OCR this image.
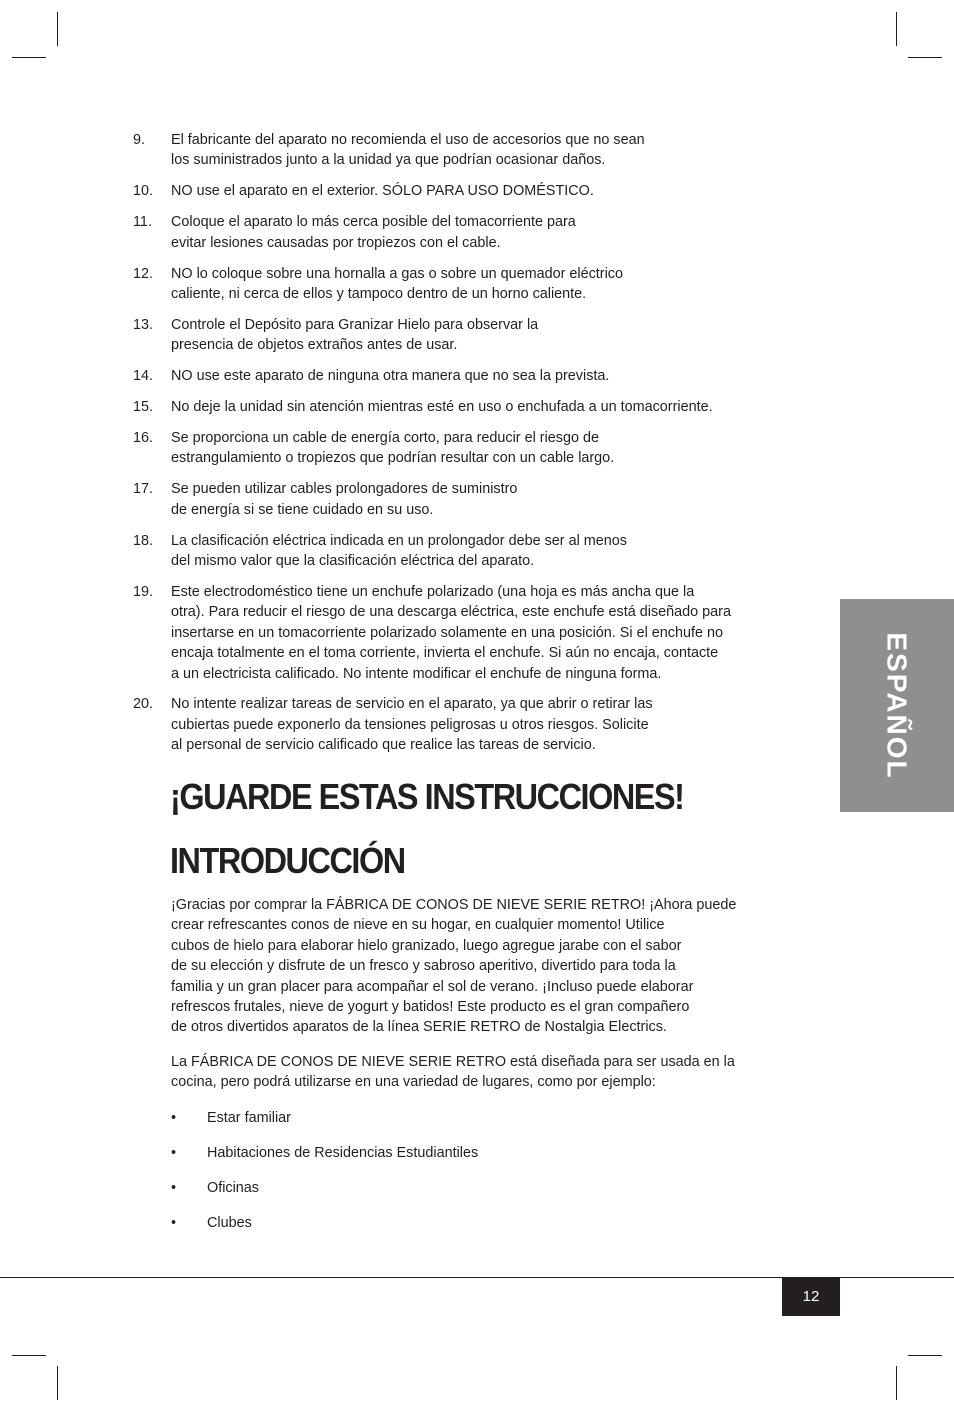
9.	El fabricante del aparato no recomienda el uso de accesorios que no sean
los suministrados junto a la unidad ya que podrían ocasionar daños.
10.	NO use el aparato en el exterior. SÓLO PARA USO DOMÉSTICO.
11.	Coloque el aparato lo más cerca posible del tomacorriente para
evitar lesiones causadas por tropiezos con el cable.
12.	NO lo coloque sobre una hornalla a gas o sobre un quemador eléctrico
caliente, ni cerca de ellos y tampoco dentro de un horno caliente.
13.	Controle el Depósito para Granizar Hielo para observar la
presencia de objetos extraños antes de usar.
14.	NO use este aparato de ninguna otra manera que no sea la prevista.
15.	No deje la unidad sin atención mientras esté en uso o enchufada a un tomacorriente.
16.	Se proporciona un cable de energía corto, para reducir el riesgo de
estrangulamiento o tropiezos que podrían resultar con un cable largo.
17.	Se pueden utilizar cables prolongadores de suministro
de energía si se tiene cuidado en su uso.
18.	La clasificación eléctrica indicada en un prolongador debe ser al menos
del mismo valor que la clasificación eléctrica del aparato.
19.	Este electrodoméstico tiene un enchufe polarizado (una hoja es más ancha que la
otra). Para reducir el riesgo de una descarga eléctrica, este enchufe está diseñado para
insertarse en un tomacorriente polarizado solamente en una posición. Si el enchufe no
encaja totalmente en el toma corriente, invierta el enchufe. Si aún no encaja, contacte
a un electricista calificado. No intente modificar el enchufe de ninguna forma.
20.	No intente realizar tareas de servicio en el aparato, ya que abrir o retirar las
cubiertas puede exponerlo da tensiones peligrosas u otros riesgos. Solicite
al personal de servicio calificado que realice las tareas de servicio.
¡GUARDE ESTAS INSTRUCCIONES!
INTRODUCCIÓN

¡Gracias por comprar la FÁBRICA DE CONOS DE NIEVE SERIE RETRO! ¡Ahora puede
crear refrescantes conos de nieve en su hogar, en cualquier momento! Utilice
cubos de hielo para elaborar hielo granizado, luego agregue jarabe con el sabor
de su elección y disfrute de un fresco y sabroso aperitivo, divertido para toda la
familia y un gran placer para acompañar el sol de verano. ¡Incluso puede elaborar
refrescos frutales, nieve de yogurt y batidos! Este producto es el gran compañero
de otros divertidos aparatos de la línea SERIE RETRO de Nostalgia Electrics.

La FÁBRICA DE CONOS DE NIEVE SERIE RETRO está diseñada para ser usada en la
cocina, pero podrá utilizarse en una variedad de lugares, como por ejemplo:

•	Estar familiar
•	Habitaciones de Residencias Estudiantiles
•	Oficinas
•	Clubes
ESPAÑOL
12
